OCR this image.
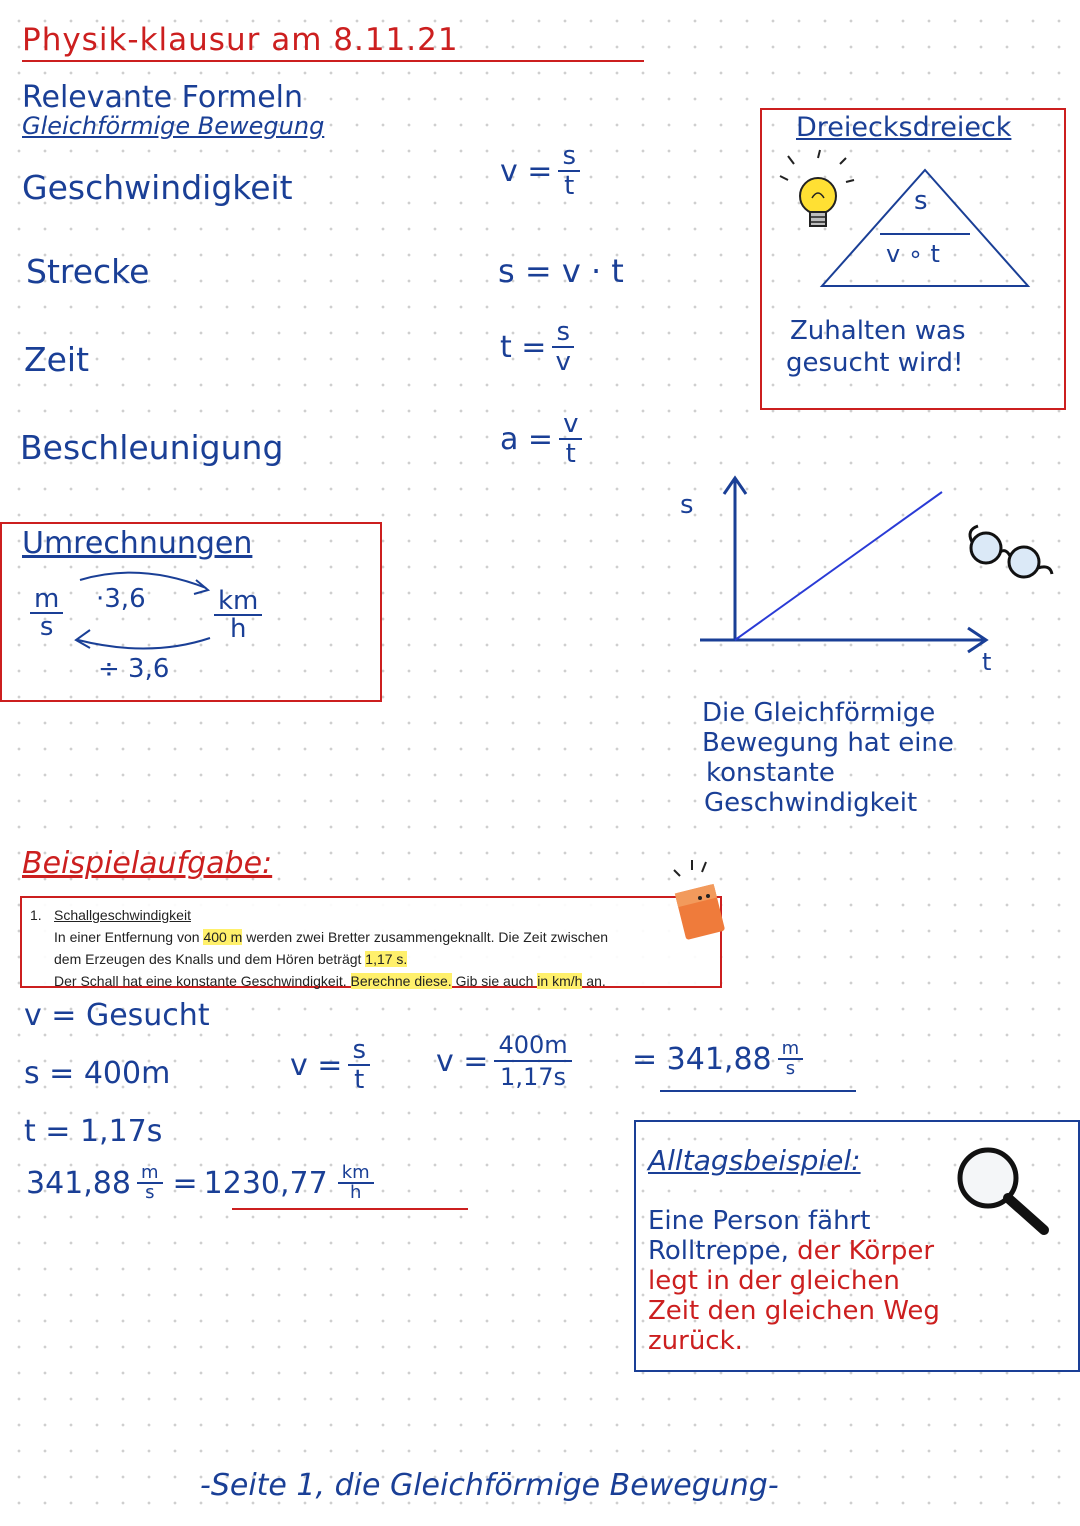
Physik-klausur am 8.11.21
Relevante Formeln
Gleichförmige Bewegung
Geschwindigkeit
Strecke
Zeit
Beschleunigung
$v = \frac{s}{t}$
s = v · t
$t = \frac{s}{v}$
$a = \frac{v}{t}$
Dreiecksdreieck
s
v ∘ t
Zuhalten was
gesucht wird!
Umrechnungen
$\frac{m}{s}$	$\frac{km}{h}$
·3,6
÷ 3,6
s
t
Die Gleichförmige
Bewegung hat eine
konstante
Geschwindigkeit
Beispielaufgabe:
1. Schallgeschwindigkeit
In einer Entfernung von 400 m werden zwei Bretter zusammengeknallt. Die Zeit zwischen
dem Erzeugen des Knalls und dem Hören beträgt 1,17 s.
Der Schall hat eine konstante Geschwindigkeit. Berechne diese. Gib sie auch in km/h an.
v = Gesucht
s = 400m
t = 1,17s
$v = \frac{s}{t}$ $v = \frac{400m}{1,17s} = 341,88 \frac{m}{s}$
$341,88 \frac{m}{s} = 1230,77 \frac{km}{h}$
Alltagsbeispiel:
Eine Person fährt
Rolltreppe, der Körper
legt in der gleichen
Zeit den gleichen Weg
zurück.
-Seite 1, die Gleichförmige Bewegung-
